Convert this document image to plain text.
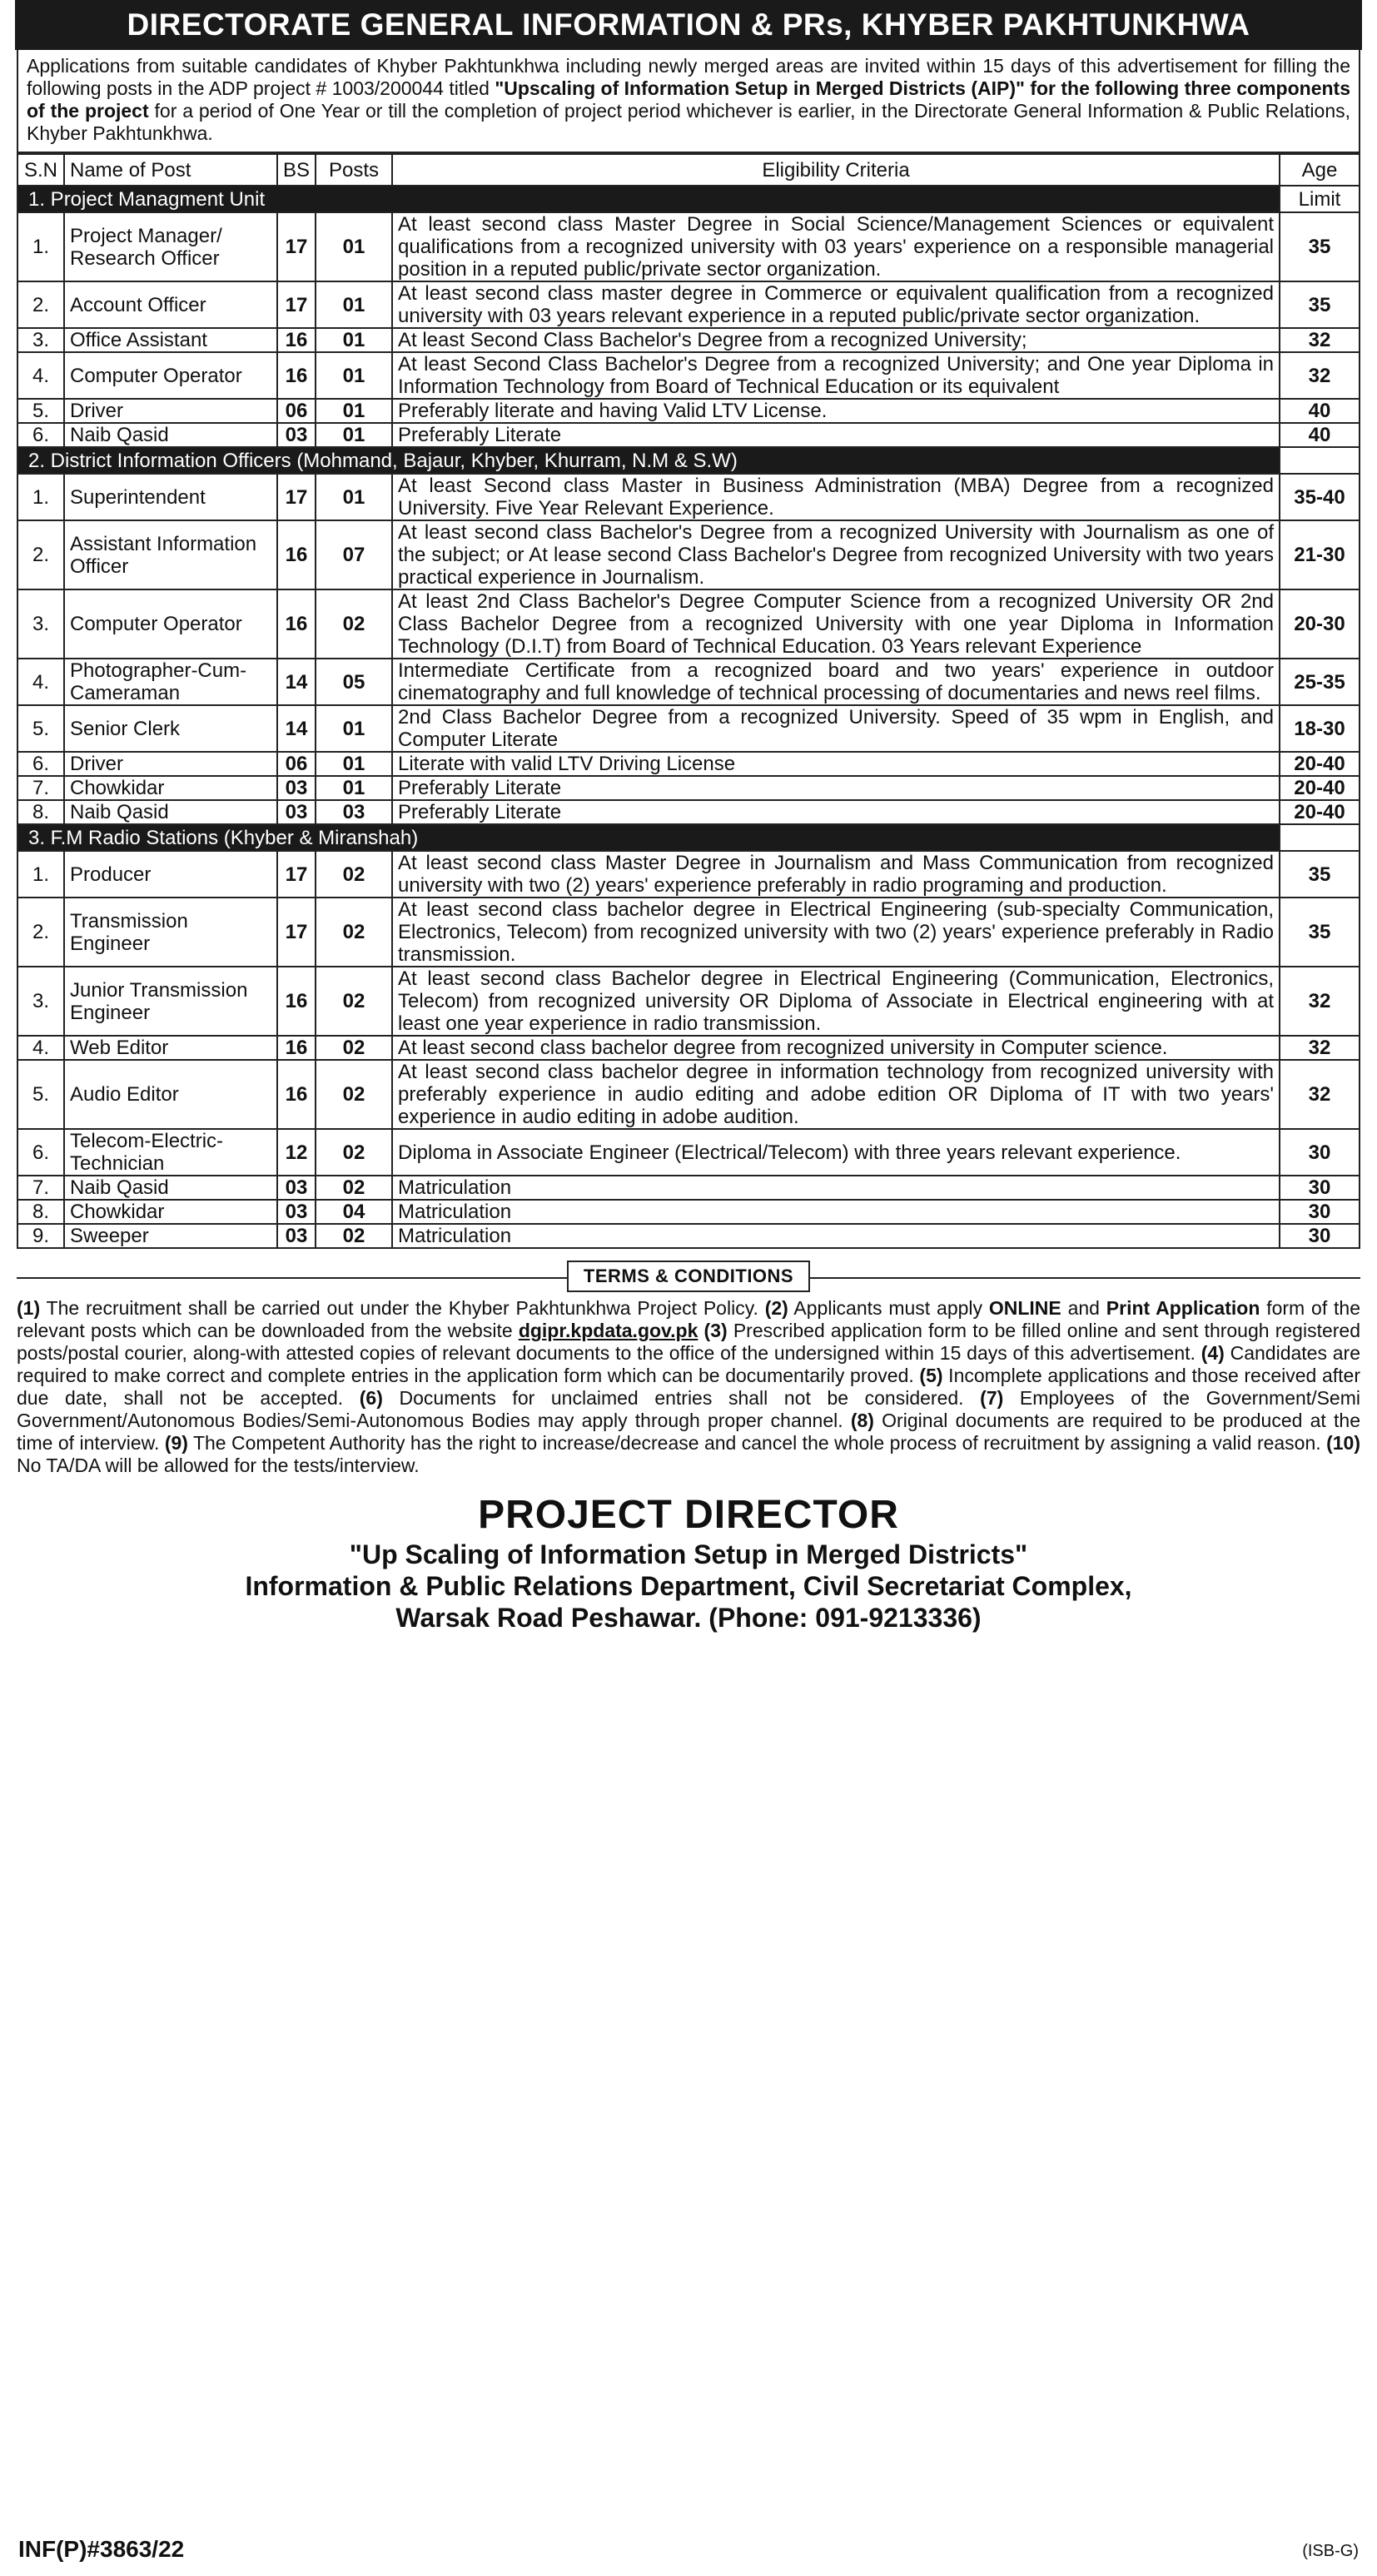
DIRECTORATE GENERAL INFORMATION & PRs, KHYBER PAKHTUNKHWA
Applications from suitable candidates of Khyber Pakhtunkhwa including newly merged areas are invited within 15 days of this advertisement for filling the following posts in the ADP project # 1003/200044 titled "Upscaling of Information Setup in Merged Districts (AIP)" for the following three components of the project for a period of One Year or till the completion of project period whichever is earlier, in the Directorate General Information & Public Relations, Khyber Pakhtunkhwa.
S.N	Name of Post	BS	Posts	Eligibility Criteria	Age
1. Project Managment Unit					Limit
1.	Project Manager/ Research Officer	17	01	At least second class Master Degree in Social Science/Management Sciences or equivalent qualifications from a recognized university with 03 years' experience on a responsible managerial position in a reputed public/private sector organization.	35
2.	Account Officer	17	01	At least second class master degree in Commerce or equivalent qualification from a recognized university with 03 years relevant experience in a reputed public/private sector organization.	35
3.	Office Assistant	16	01	At least Second Class Bachelor's Degree from a recognized University;	32
4.	Computer Operator	16	01	At least Second Class Bachelor's Degree from a recognized University; and One year Diploma in Information Technology from Board of Technical Education or its equivalent	32
5.	Driver	06	01	Preferably literate and having Valid LTV License.	40
6.	Naib Qasid	03	01	Preferably Literate	40
2. District Information Officers (Mohmand, Bajaur, Khyber, Khurram, N.M & S.W)					
1.	Superintendent	17	01	At least Second class Master in Business Administration (MBA) Degree from a recognized University. Five Year Relevant Experience.	35-40
2.	Assistant Information Officer	16	07	At least second class Bachelor's Degree from a recognized University with Journalism as one of the subject; or At lease second Class Bachelor's Degree from recognized University with two years practical experience in Journalism.	21-30
3.	Computer Operator	16	02	At least 2nd Class Bachelor's Degree Computer Science from a recognized University OR 2nd Class Bachelor Degree from a recognized University with one year Diploma in Information Technology (D.I.T) from Board of Technical Education. 03 Years relevant Experience	20-30
4.	Photographer-Cum-Cameraman	14	05	Intermediate Certificate from a recognized board and two years' experience in outdoor cinematography and full knowledge of technical processing of documentaries and news reel films.	25-35
5.	Senior Clerk	14	01	2nd Class Bachelor Degree from a recognized University. Speed of 35 wpm in English, and Computer Literate	18-30
6.	Driver	06	01	Literate with valid LTV Driving License	20-40
7.	Chowkidar	03	01	Preferably Literate	20-40
8.	Naib Qasid	03	03	Preferably Literate	20-40
3. F.M Radio Stations (Khyber & Miranshah)					
1.	Producer	17	02	At least second class Master Degree in Journalism and Mass Communication from recognized university with two (2) years' experience preferably in radio programing and production.	35
2.	Transmission Engineer	17	02	At least second class bachelor degree in Electrical Engineering (sub-specialty Communication, Electronics, Telecom) from recognized university with two (2) years' experience preferably in Radio transmission.	35
3.	Junior Transmission Engineer	16	02	At least second class Bachelor degree in Electrical Engineering (Communication, Electronics, Telecom) from recognized university OR Diploma of Associate in Electrical engineering with at least one year experience in radio transmission.	32
4.	Web Editor	16	02	At least second class bachelor degree from recognized university in Computer science.	32
5.	Audio Editor	16	02	At least second class bachelor degree in information technology from recognized university with preferably experience in audio editing and adobe edition OR Diploma of IT with two years' experience in audio editing in adobe audition.	32
6.	Telecom-Electric-Technician	12	02	Diploma in Associate Engineer (Electrical/Telecom) with three years relevant experience.	30
7.	Naib Qasid	03	02	Matriculation	30
8.	Chowkidar	03	04	Matriculation	30
9.	Sweeper	03	02	Matriculation	30
TERMS & CONDITIONS
(1) The recruitment shall be carried out under the Khyber Pakhtunkhwa Project Policy. (2) Applicants must apply ONLINE and Print Application form of the relevant posts which can be downloaded from the website dgipr.kpdata.gov.pk (3) Prescribed application form to be filled online and sent through registered posts/postal courier, along-with attested copies of relevant documents to the office of the undersigned within 15 days of this advertisement. (4) Candidates are required to make correct and complete entries in the application form which can be documentarily proved. (5) Incomplete applications and those received after due date, shall not be accepted. (6) Documents for unclaimed entries shall not be considered. (7) Employees of the Government/Semi Government/Autonomous Bodies/Semi-Autonomous Bodies may apply through proper channel. (8) Original documents are required to be produced at the time of interview. (9) The Competent Authority has the right to increase/decrease and cancel the whole process of recruitment by assigning a valid reason. (10) No TA/DA will be allowed for the tests/interview.
PROJECT DIRECTOR
"Up Scaling of Information Setup in Merged Districts"
Information & Public Relations Department, Civil Secretariat Complex,
Warsak Road Peshawar. (Phone: 091-9213336)
INF(P)#3863/22	(ISB-G)
